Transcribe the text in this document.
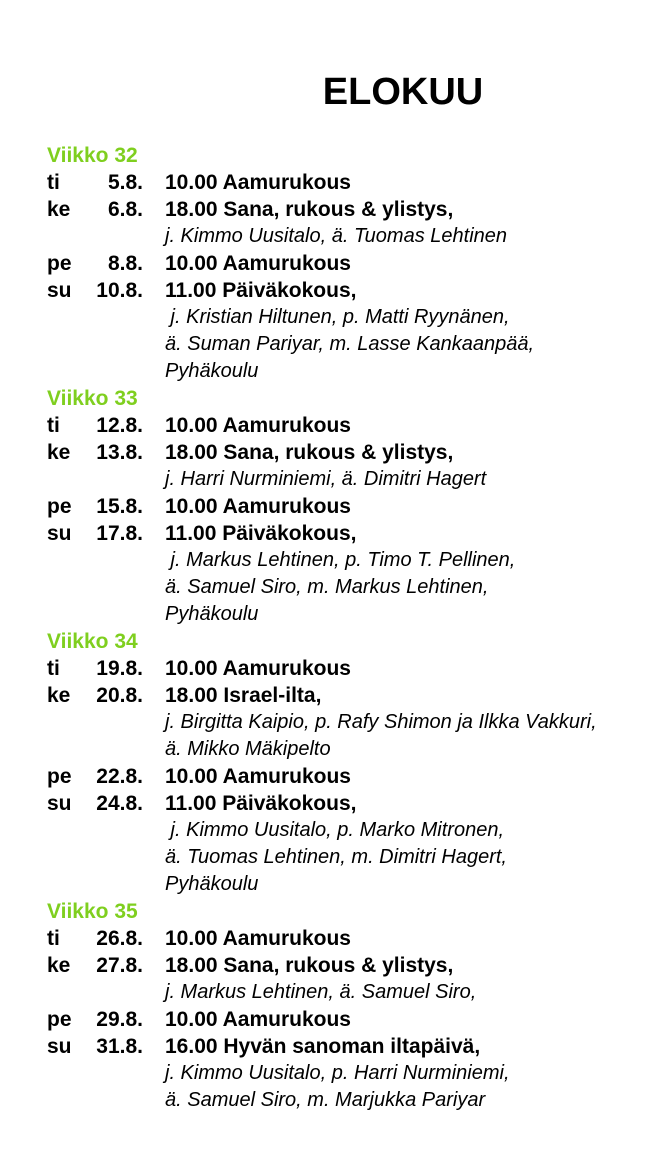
ELOKUU
Viikko 32
ti	5.8. 10.00 Aamurukous
ke	6.8. 18.00 Sana, rukous & ylistys,
j. Kimmo Uusitalo, ä. Tuomas Lehtinen
pe	8.8. 10.00 Aamurukous
su	10.8. 11.00 Päiväkokous,
j. Kristian Hiltunen, p. Matti Ryynänen,
ä. Suman Pariyar, m. Lasse Kankaanpää,
Pyhäkoulu
Viikko 33
ti	12.8. 10.00 Aamurukous
ke	13.8. 18.00 Sana, rukous & ylistys,
j. Harri Nurminiemi, ä. Dimitri Hagert
pe	15.8. 10.00 Aamurukous
su	17.8. 11.00 Päiväkokous,
j. Markus Lehtinen, p. Timo T. Pellinen,
ä. Samuel Siro, m. Markus Lehtinen,
Pyhäkoulu
Viikko 34
ti	19.8. 10.00 Aamurukous
ke	20.8. 18.00 Israel-ilta,
j. Birgitta Kaipio, p. Rafy Shimon ja Ilkka Vakkuri,
ä. Mikko Mäkipelto
pe	22.8. 10.00 Aamurukous
su	24.8. 11.00 Päiväkokous,
j. Kimmo Uusitalo, p. Marko Mitronen,
ä. Tuomas Lehtinen, m. Dimitri Hagert,
Pyhäkoulu
Viikko 35
ti	26.8. 10.00 Aamurukous
ke	27.8. 18.00 Sana, rukous & ylistys,
j. Markus Lehtinen, ä. Samuel Siro,
pe	29.8. 10.00 Aamurukous
su	31.8. 16.00 Hyvän sanoman iltapäivä,
j. Kimmo Uusitalo, p. Harri Nurminiemi,
ä. Samuel Siro, m. Marjukka Pariyar
